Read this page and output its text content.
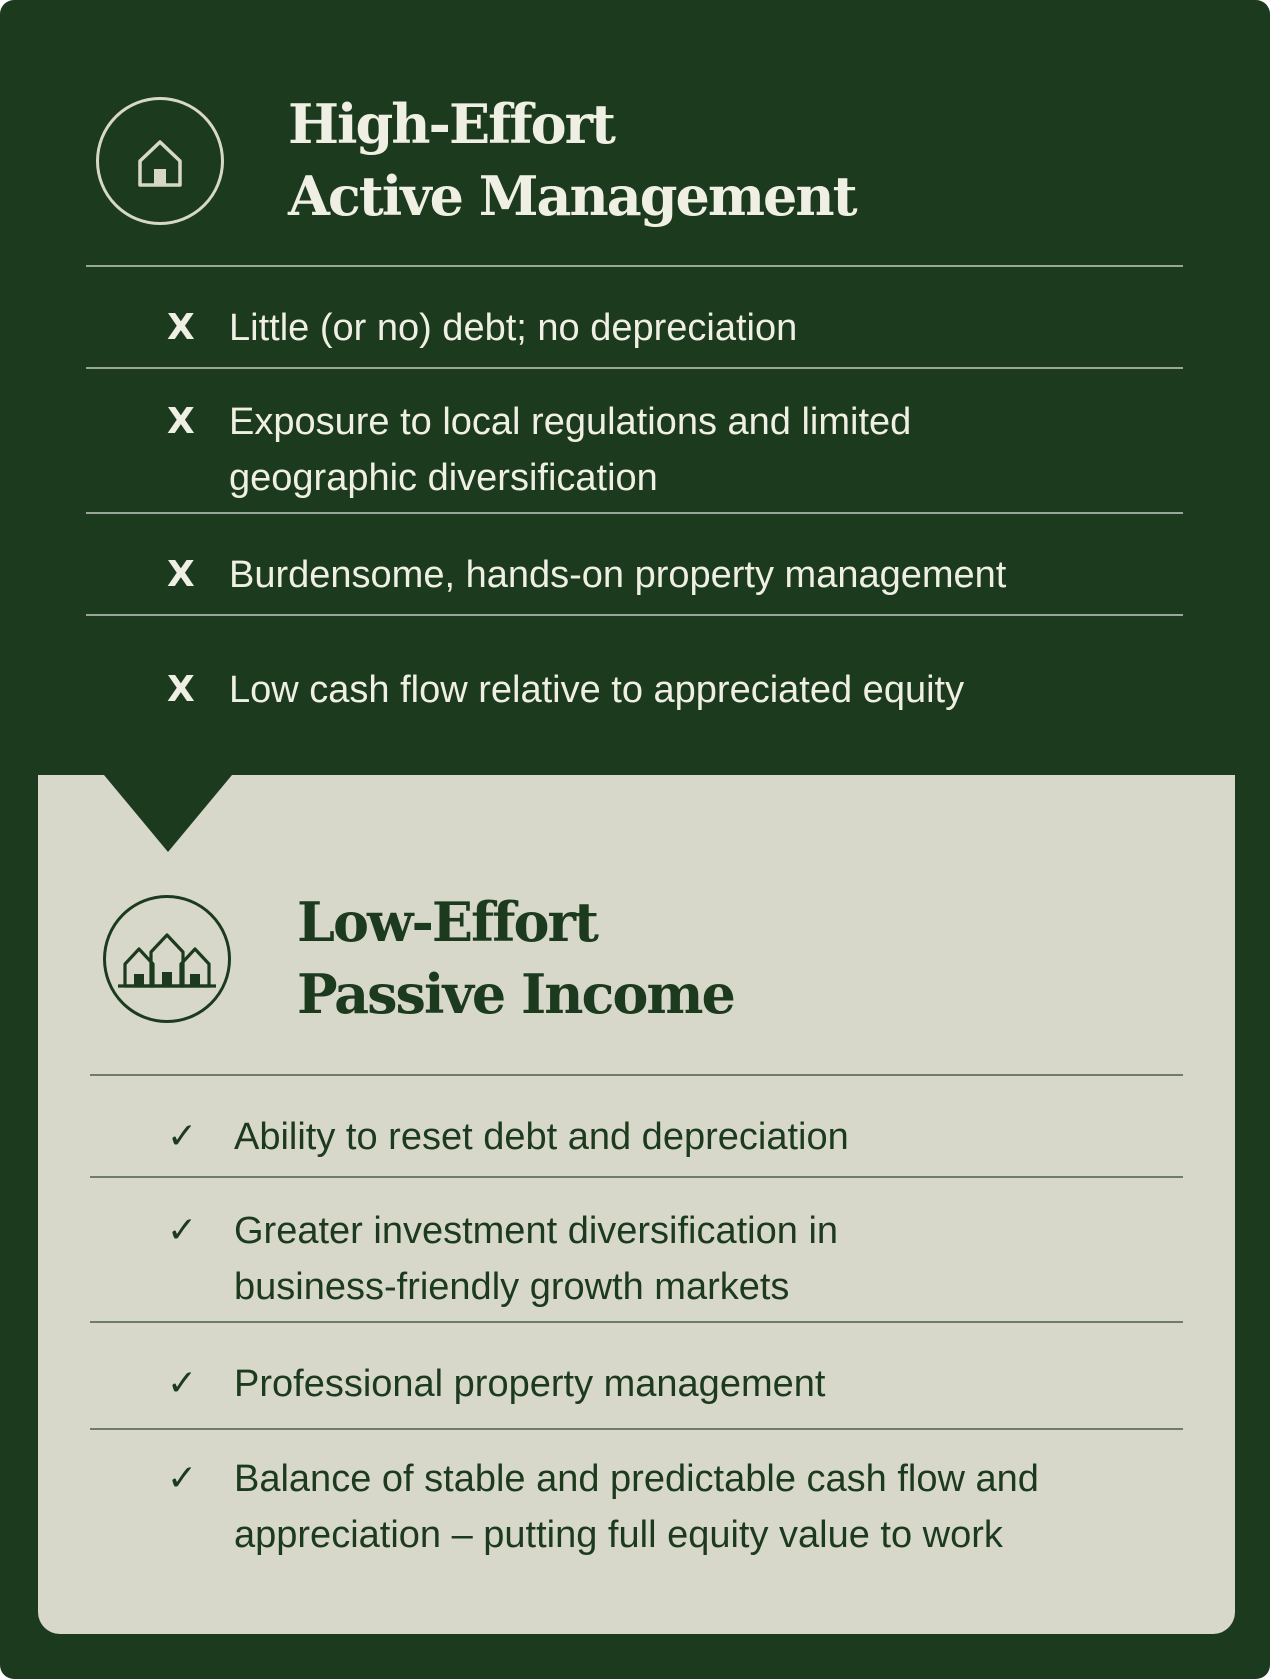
High-Effort
Active Management
X Little (or no) debt; no depreciation
X Exposure to local regulations and limited
geographic diversification
X Burdensome, hands-on property management
X Low cash flow relative to appreciated equity
Low-Effort
Passive Income
✓ Ability to reset debt and depreciation
✓ Greater investment diversification in
business-friendly growth markets
✓ Professional property management
✓ Balance of stable and predictable cash flow and
appreciation – putting full equity value to work
